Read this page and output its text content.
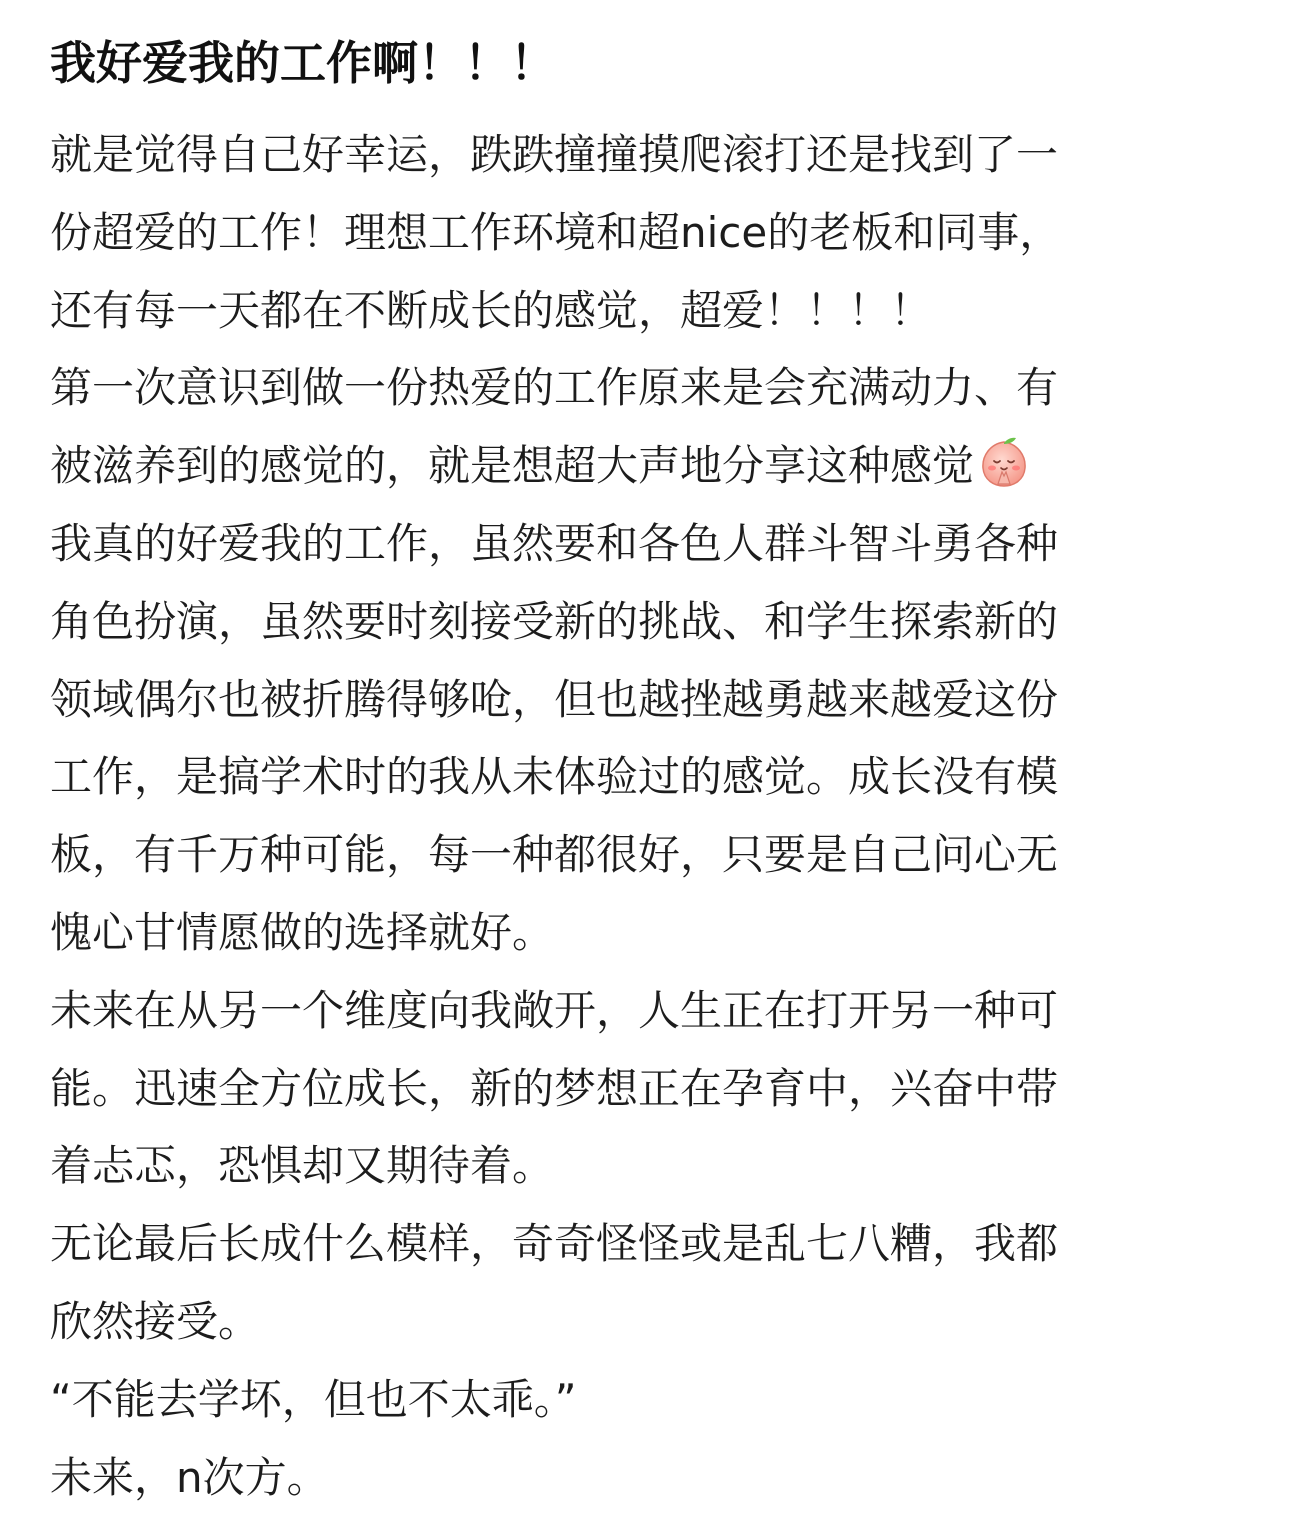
我好爱我的工作啊！！！
就是觉得自己好幸运，跌跌撞撞摸爬滚打还是找到了一
份超爱的工作！理想工作环境和超nice的老板和同事，
还有每一天都在不断成长的感觉，超爱！！！！
第一次意识到做一份热爱的工作原来是会充满动力、有
被滋养到的感觉的，就是想超大声地分享这种感觉
我真的好爱我的工作，虽然要和各色人群斗智斗勇各种
角色扮演，虽然要时刻接受新的挑战、和学生探索新的
领域偶尔也被折腾得够呛，但也越挫越勇越来越爱这份
工作，是搞学术时的我从未体验过的感觉。成长没有模
板，有千万种可能，每一种都很好，只要是自己问心无
愧心甘情愿做的选择就好。
未来在从另一个维度向我敞开，人生正在打开另一种可
能。迅速全方位成长，新的梦想正在孕育中，兴奋中带
着忐忑，恐惧却又期待着。
无论最后长成什么模样，奇奇怪怪或是乱七八糟，我都
欣然接受。
“不能去学坏，但也不太乖。”
未来，n次方。
